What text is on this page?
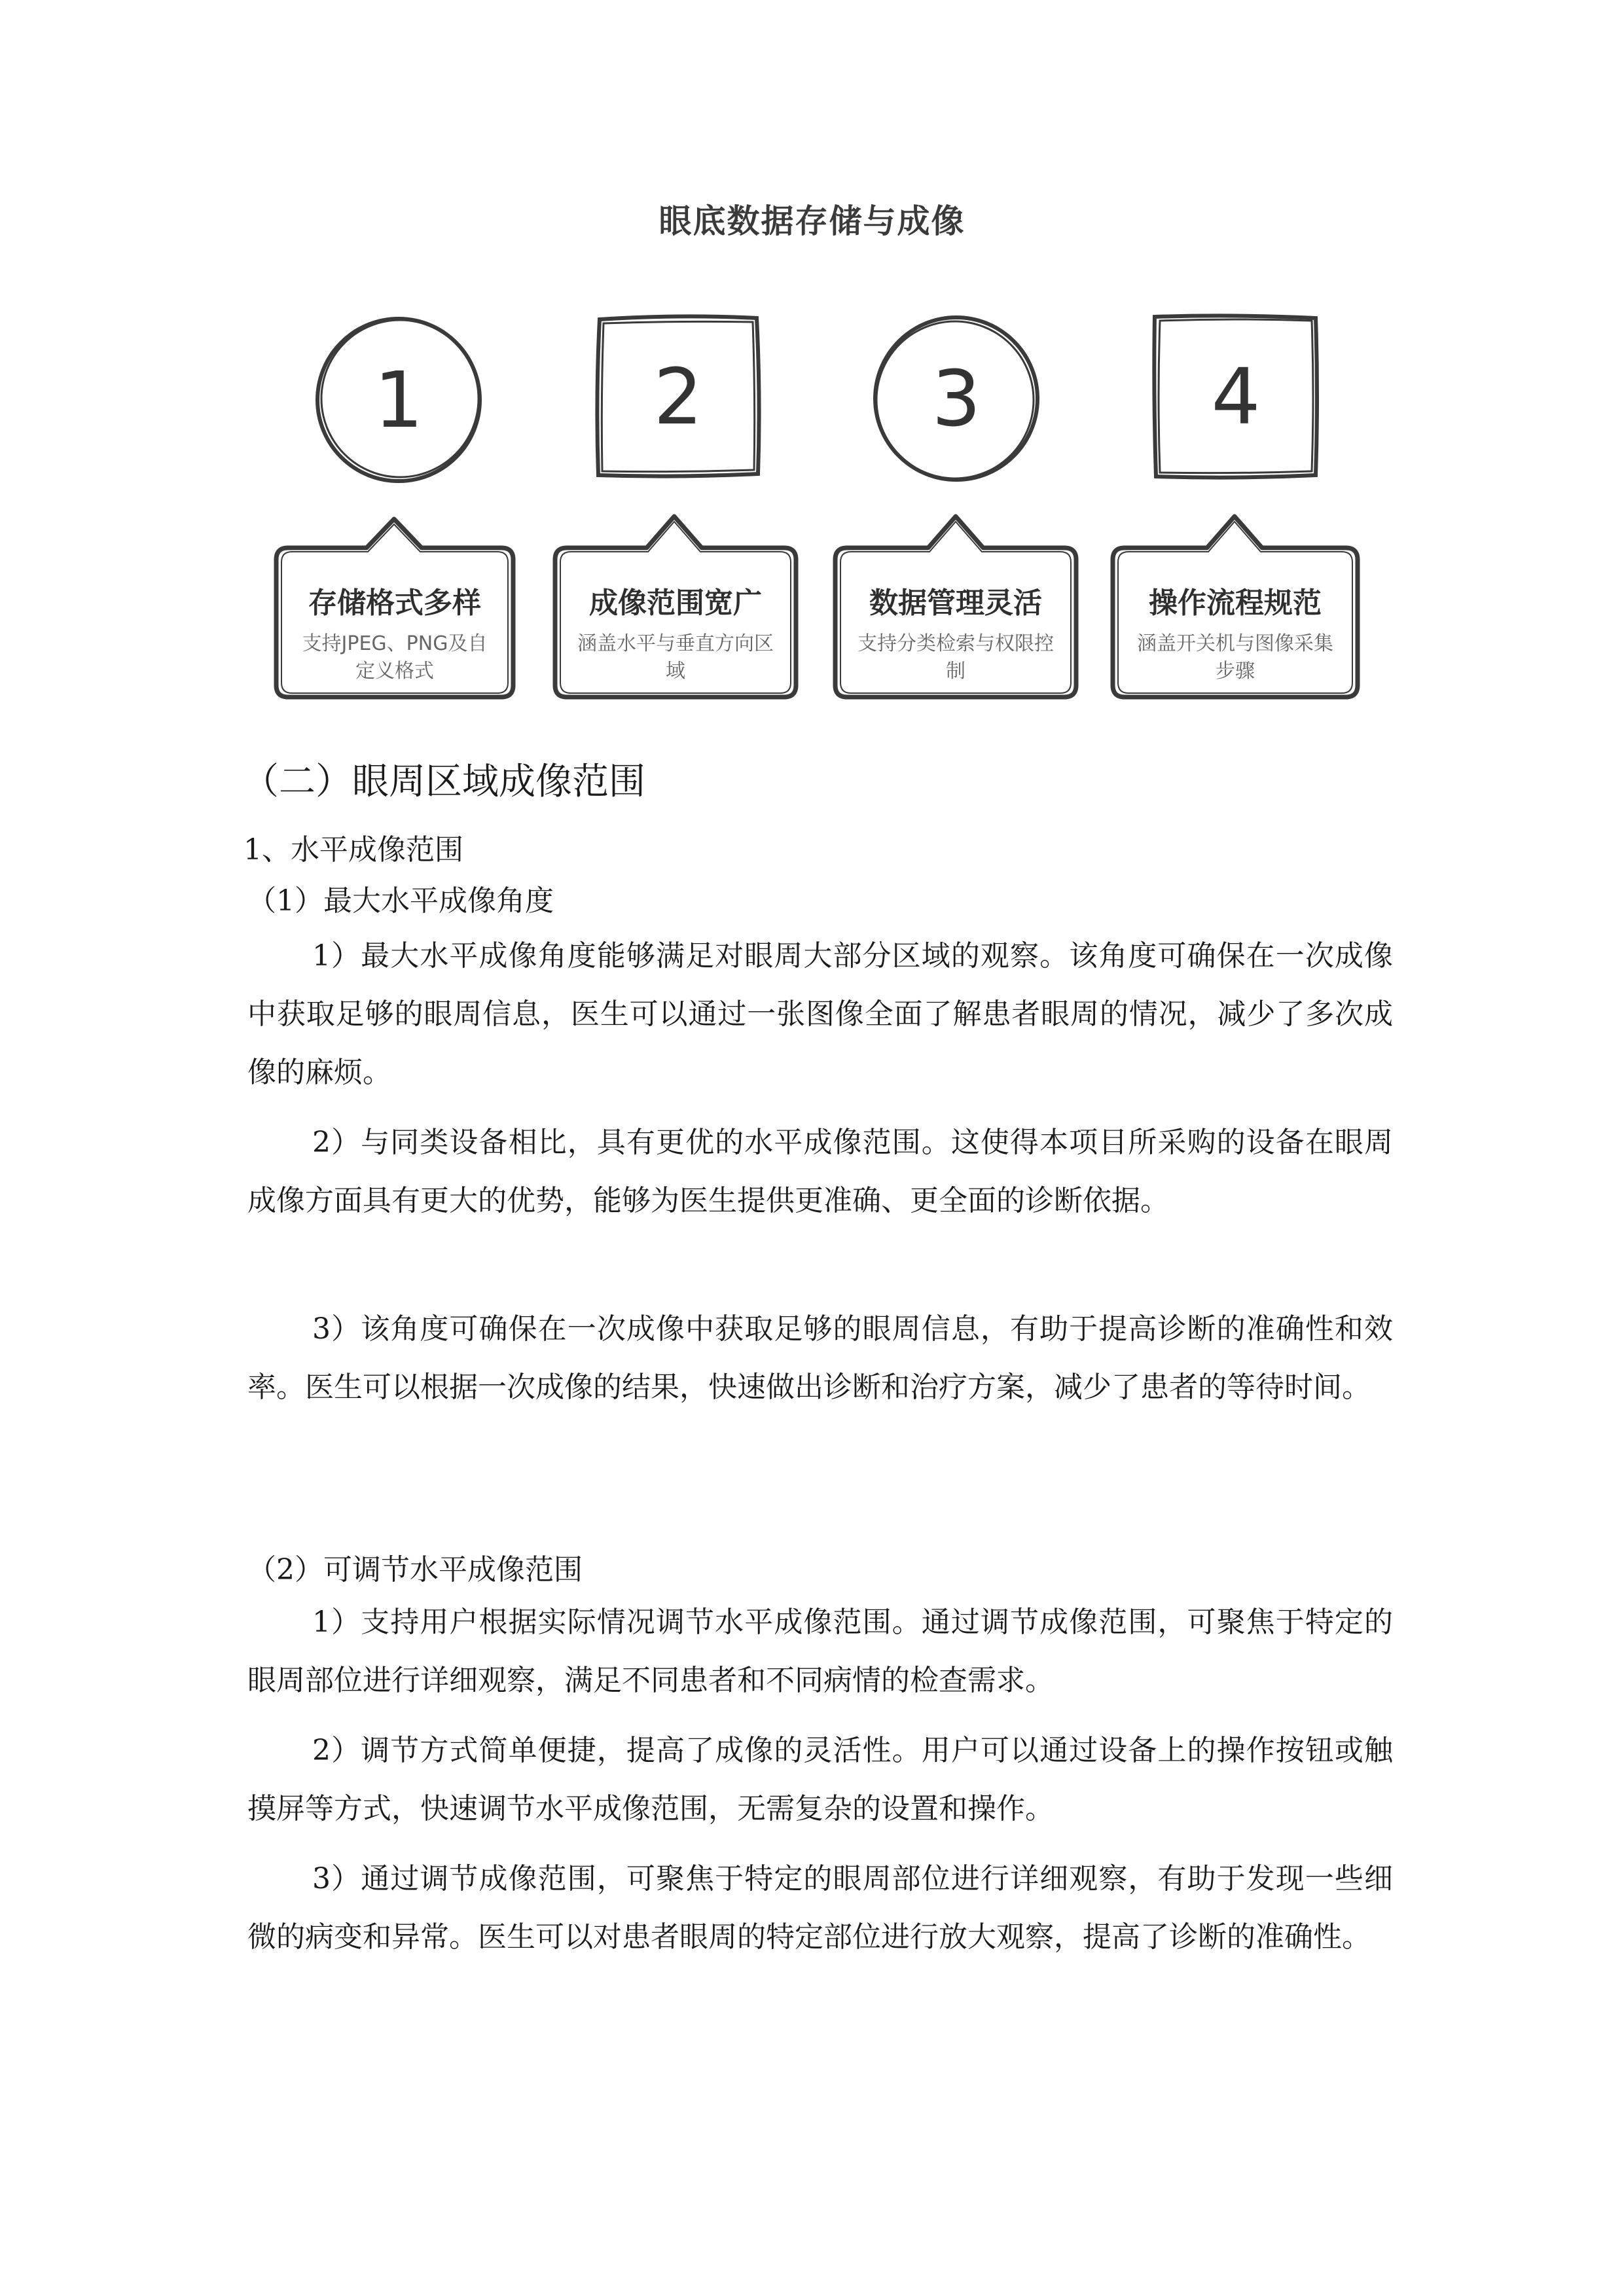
眼底数据存储与成像
1	2	3	4
存储格式多样
支持JPEG、PNG及自定义格式
成像范围宽广
涵盖水平与垂直方向区域
数据管理灵活
支持分类检索与权限控制
操作流程规范
涵盖开关机与图像采集步骤
（二）眼周区域成像范围
1、水平成像范围
（1）最大水平成像角度

1）最大水平成像角度能够满足对眼周大部分区域的观察。该角度可确保在一次成像中获取足够的眼周信息，医生可以通过一张图像全面了解患者眼周的情况，减少了多次成像的麻烦。

2）与同类设备相比，具有更优的水平成像范围。这使得本项目所采购的设备在眼周成像方面具有更大的优势，能够为医生提供更准确、更全面的诊断依据。

3）该角度可确保在一次成像中获取足够的眼周信息，有助于提高诊断的准确性和效率。医生可以根据一次成像的结果，快速做出诊断和治疗方案，减少了患者的等待时间。

（2）可调节水平成像范围

1）支持用户根据实际情况调节水平成像范围。通过调节成像范围，可聚焦于特定的眼周部位进行详细观察，满足不同患者和不同病情的检查需求。

2）调节方式简单便捷，提高了成像的灵活性。用户可以通过设备上的操作按钮或触摸屏等方式，快速调节水平成像范围，无需复杂的设置和操作。

3）通过调节成像范围，可聚焦于特定的眼周部位进行详细观察，有助于发现一些细微的病变和异常。医生可以对患者眼周的特定部位进行放大观察，提高了诊断的准确性。
